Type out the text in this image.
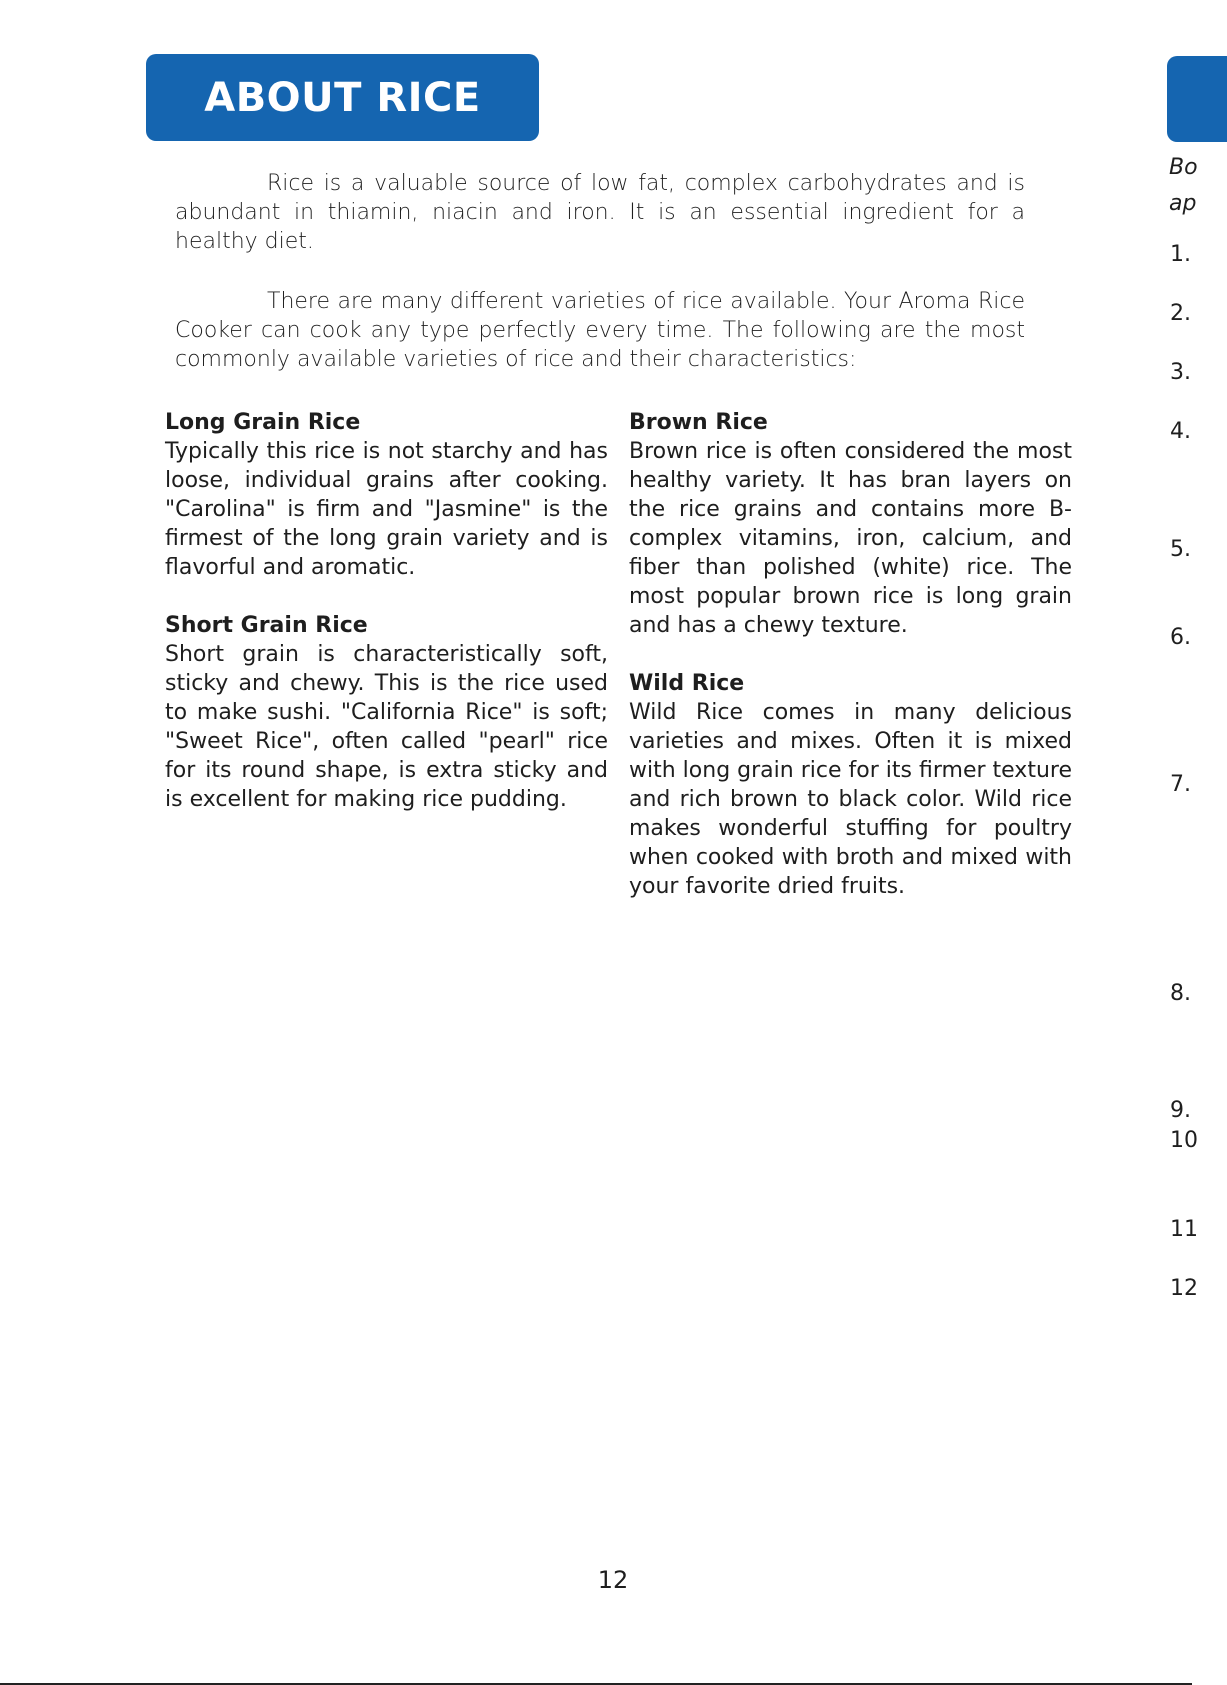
ABOUT RICE

Rice is a valuable source of low fat, complex carbohydrates and is abundant in thiamin, niacin and iron. It is an essential ingredient for a healthy diet.

There are many different varieties of rice available. Your Aroma Rice Cooker can cook any type perfectly every time. The following are the most commonly available varieties of rice and their characteristics:

Long Grain Rice

Typically this rice is not starchy and has loose, individual grains after cooking. "Carolina" is firm and "Jasmine" is the firmest of the long grain variety and is flavorful and aromatic.

Short Grain Rice

Short grain is characteristically soft, sticky and chewy. This is the rice used to make sushi. "California Rice" is soft; "Sweet Rice", often called "pearl" rice for its round shape, is extra sticky and is excellent for making rice pudding.

Brown Rice

Brown rice is often considered the most healthy variety. It has bran layers on the rice grains and contains more B-complex vitamins, iron, calcium, and fiber than polished (white) rice. The most popular brown rice is long grain and has a chewy texture.

Wild Rice

Wild Rice comes in many delicious varieties and mixes. Often it is mixed with long grain rice for its firmer texture and rich brown to black color. Wild rice makes wonderful stuffing for poultry when cooked with broth and mixed with your favorite dried fruits.

12
Bo
ap
1.
2.
3.
4.
5.
6.
7.
8.
9.
10
11
12
